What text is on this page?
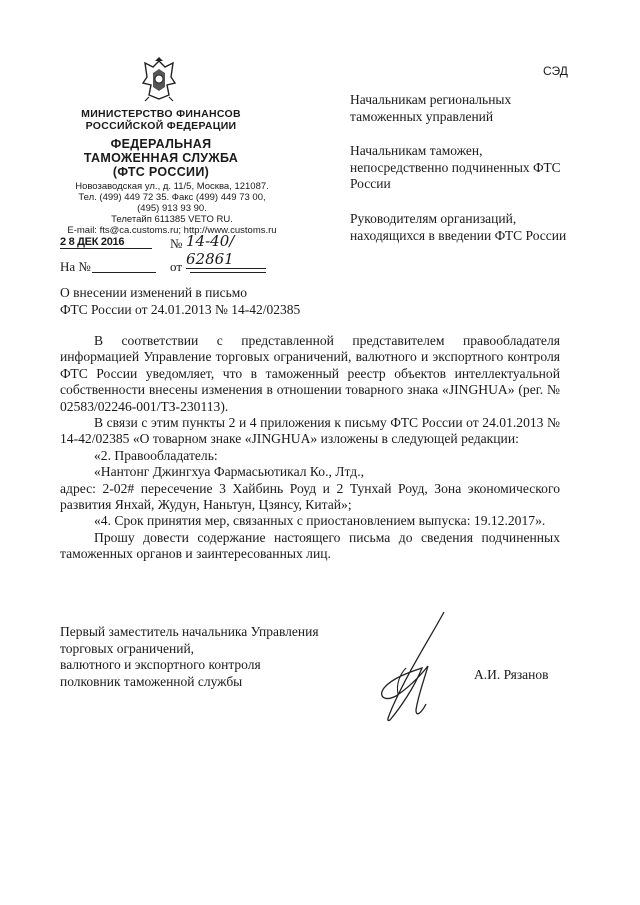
СЭД
МИНИСТЕРСТВО ФИНАНСОВ
РОССИЙСКОЙ ФЕДЕРАЦИИ
ФЕДЕРАЛЬНАЯ
ТАМОЖЕННАЯ СЛУЖБА
(ФТС РОССИИ)
Новозаводская ул., д. 11/5, Москва, 121087.
Тел. (499) 449 72 35. Факс (499) 449 73 00,
(495) 913 93 90.
Телетайп 611385 VETO RU.
E-mail: fts@ca.customs.ru; http://www.customs.ru
2 8 ДЕК 2016	№ 14-40/ 62861
На №	от
Начальникам региональных таможенных управлений
Начальникам таможен, непосредственно подчиненных ФТС России
Руководителям организаций, находящихся в введении ФТС России
О внесении изменений в письмо
ФТС России от 24.01.2013 № 14-42/02385

В соответствии с представленной представителем правообладателя информацией Управление торговых ограничений, валютного и экспортного контроля ФТС России уведомляет, что в таможенный реестр объектов интеллектуальной собственности внесены изменения в отношении товарного знака «JINGHUA» (рег. № 02583/02246-001/ТЗ-230113).

В связи с этим пункты 2 и 4 приложения к письму ФТС России от 24.01.2013 № 14-42/02385 «О товарном знаке «JINGHUA» изложены в следующей редакции:

«2. Правообладатель:

«Нантонг Джингхуа Фармасьютикал Ко., Лтд.,

адрес: 2-02# пересечение 3 Хайбинь Роуд и 2 Тунхай Роуд, Зона экономического развития Янхай, Жудун, Наньтун, Цзянсу, Китай»;

«4. Срок принятия мер, связанных с приостановлением выпуска: 19.12.2017».

Прошу довести содержание настоящего письма до сведения подчиненных таможенных органов и заинтересованных лиц.

Первый заместитель начальника Управления
торговых ограничений,
валютного и экспортного контроля
полковник таможенной службы	А.И. Рязанов
